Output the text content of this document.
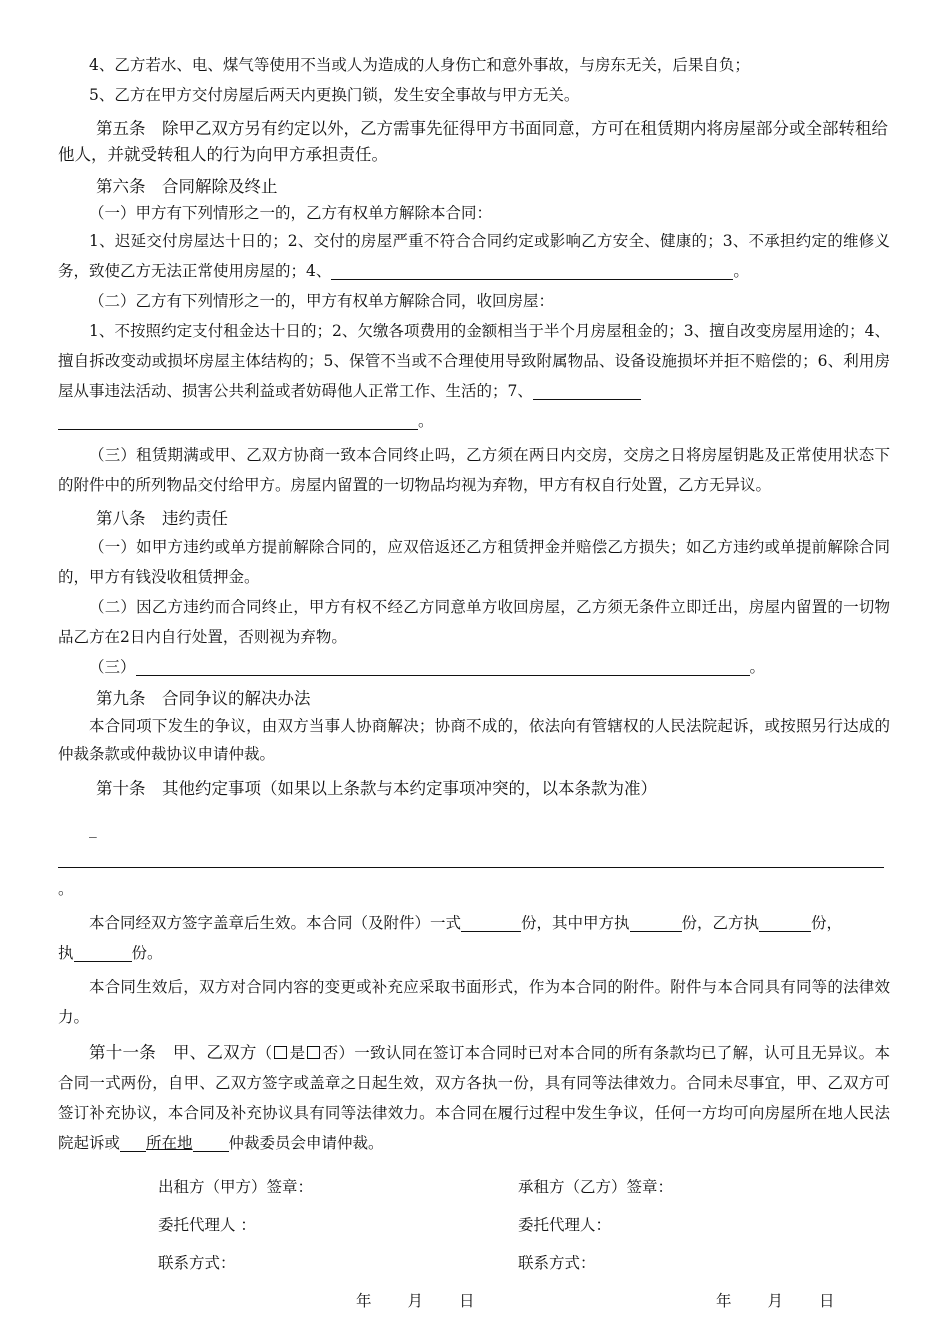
4、乙方若水、电、煤气等使用不当或人为造成的人身伤亡和意外事故，与房东无关，后果自负；

5、乙方在甲方交付房屋后两天内更换门锁，发生安全事故与甲方无关。

第五条　除甲乙双方另有约定以外，乙方需事先征得甲方书面同意，方可在租赁期内将房屋部分或全部转租给他人，并就受转租人的行为向甲方承担责任。

第六条　合同解除及终止

（一）甲方有下列情形之一的，乙方有权单方解除本合同：

1、迟延交付房屋达十日的；2、交付的房屋严重不符合合同约定或影响乙方安全、健康的；3、不承担约定的维修义务，致使乙方无法正常使用房屋的；4、	。

（二）乙方有下列情形之一的，甲方有权单方解除合同，收回房屋：

1、不按照约定支付租金达十日的；2、欠缴各项费用的金额相当于半个月房屋租金的；3、擅自改变房屋用途的；4、擅自拆改变动或损坏房屋主体结构的；5、保管不当或不合理使用导致附属物品、设备设施损坏并拒不赔偿的；6、利用房屋从事违法活动、损害公共利益或者妨碍他人正常工作、生活的；7、
。

（三）租赁期满或甲、乙双方协商一致本合同终止吗，乙方须在两日内交房，交房之日将房屋钥匙及正常使用状态下的附件中的所列物品交付给甲方。房屋内留置的一切物品均视为弃物，甲方有权自行处置，乙方无异议。

第八条　违约责任

（一）如甲方违约或单方提前解除合同的，应双倍返还乙方租赁押金并赔偿乙方损失；如乙方违约或单提前解除合同的，甲方有钱没收租赁押金。

（二）因乙方违约而合同终止，甲方有权不经乙方同意单方收回房屋，乙方须无条件立即迁出，房屋内留置的一切物品乙方在2日内自行处置，否则视为弃物。

（三）	。

第九条　合同争议的解决办法

本合同项下发生的争议，由双方当事人协商解决；协商不成的，依法向有管辖权的人民法院起诉，或按照另行达成的仲裁条款或仲裁协议申请仲裁。

第十条　其他约定事项（如果以上条款与本约定事项冲突的，以本条款为准）

_

。

本合同经双方签字盖章后生效。本合同（及附件）一式	份，其中甲方执	份，乙方执	份，
执	份。

本合同生效后，双方对合同内容的变更或补充应采取书面形式，作为本合同的附件。附件与本合同具有同等的法律效力。

第十一条　甲、乙双方（ 是 否）一致认同在签订本合同时已对本合同的所有条款均已了解，认可且无异议。本合同一式两份，自甲、乙双方签字或盖章之日起生效，双方各执一份，具有同等法律效力。合同未尽事宜，甲、乙双方可签订补充协议，本合同及补充协议具有同等法律效力。本合同在履行过程中发生争议，任何一方均可向房屋所在地人民法院起诉或 所在地 仲裁委员会申请仲裁。

出租方（甲方）签章：	承租方（乙方）签章：
委托代理人 ：	委托代理人：
联系方式：	联系方式：
年 月 日	年 月 日
